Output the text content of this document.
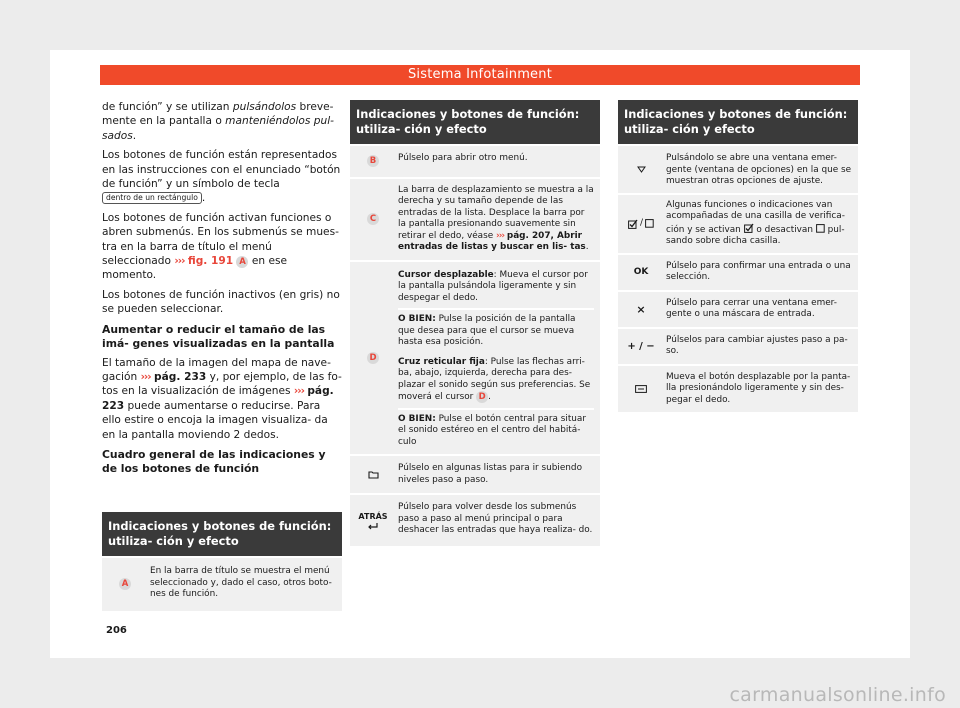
Sistema Infotainment

de función” y se utilizan pulsándolos breve- mente en la pantalla o manteniéndolos pul- sados.

Los botones de función están representados en las instrucciones con el enunciado “botón de función” y un símbolo de tecla dentro de un rectángulo .

Los botones de función activan funciones o abren submenús. En los submenús se mues- tra en la barra de título el menú seleccionado ››› fig. 191 A en ese momento.

Los botones de función inactivos (en gris) no se pueden seleccionar.

Aumentar o reducir el tamaño de las imá- genes visualizadas en la pantalla

El tamaño de la imagen del mapa de nave- gación ››› pág. 233 y, por ejemplo, de las fo- tos en la visualización de imágenes ››› pág. 223 puede aumentarse o reducirse. Para ello estire o encoja la imagen visualiza- da en la pantalla moviendo 2 dedos.

Cuadro general de las indicaciones y de los botones de función
Indicaciones y botones de función: utiliza- ción y efecto
A
En la barra de título se muestra el menú seleccionado y, dado el caso, otros boto- nes de función.
Indicaciones y botones de función: utiliza- ción y efecto
B	Púlselo para abrir otro menú.
C
La barra de desplazamiento se muestra a la derecha y su tamaño depende de las entradas de la lista. Desplace la barra por la pantalla presionando suavemente sin retirar el dedo, véase ››› pág. 207, Abrir entradas de listas y buscar en lis- tas.
D
Cursor desplazable: Mueva el cursor por la pantalla pulsándola ligeramente y sin despegar el dedo.
O BIEN: Pulse la posición de la pantalla que desea para que el cursor se mueva hasta esa posición.
Cruz reticular fija: Pulse las flechas arri- ba, abajo, izquierda, derecha para des- plazar el sonido según sus preferencias. Se moverá el cursor D .
O BIEN: Pulse el botón central para situar el sonido estéreo en el centro del habitá- culo
Púlselo en algunas listas para ir subiendo niveles paso a paso.
ATRÁS
Púlselo para volver desde los submenús paso a paso al menú principal o para deshacer las entradas que haya realiza- do.
Indicaciones y botones de función: utiliza- ción y efecto
Pulsándolo se abre una ventana emer- gente (ventana de opciones) en la que se muestran otras opciones de ajuste.
/
Algunas funciones o indicaciones van acompañadas de una casilla de verifica- ción y se activan  o desactivan  pul- sando sobre dicha casilla.
OK
Púlselo para confirmar una entrada o una selección.
× Púlselo para cerrar una ventana emer- gente o una máscara de entrada.
+ / −
Púlselos para cambiar ajustes paso a pa- so.
Mueva el botón desplazable por la panta- lla presionándolo ligeramente y sin des- pegar el dedo.
206
carmanualsonline.info
